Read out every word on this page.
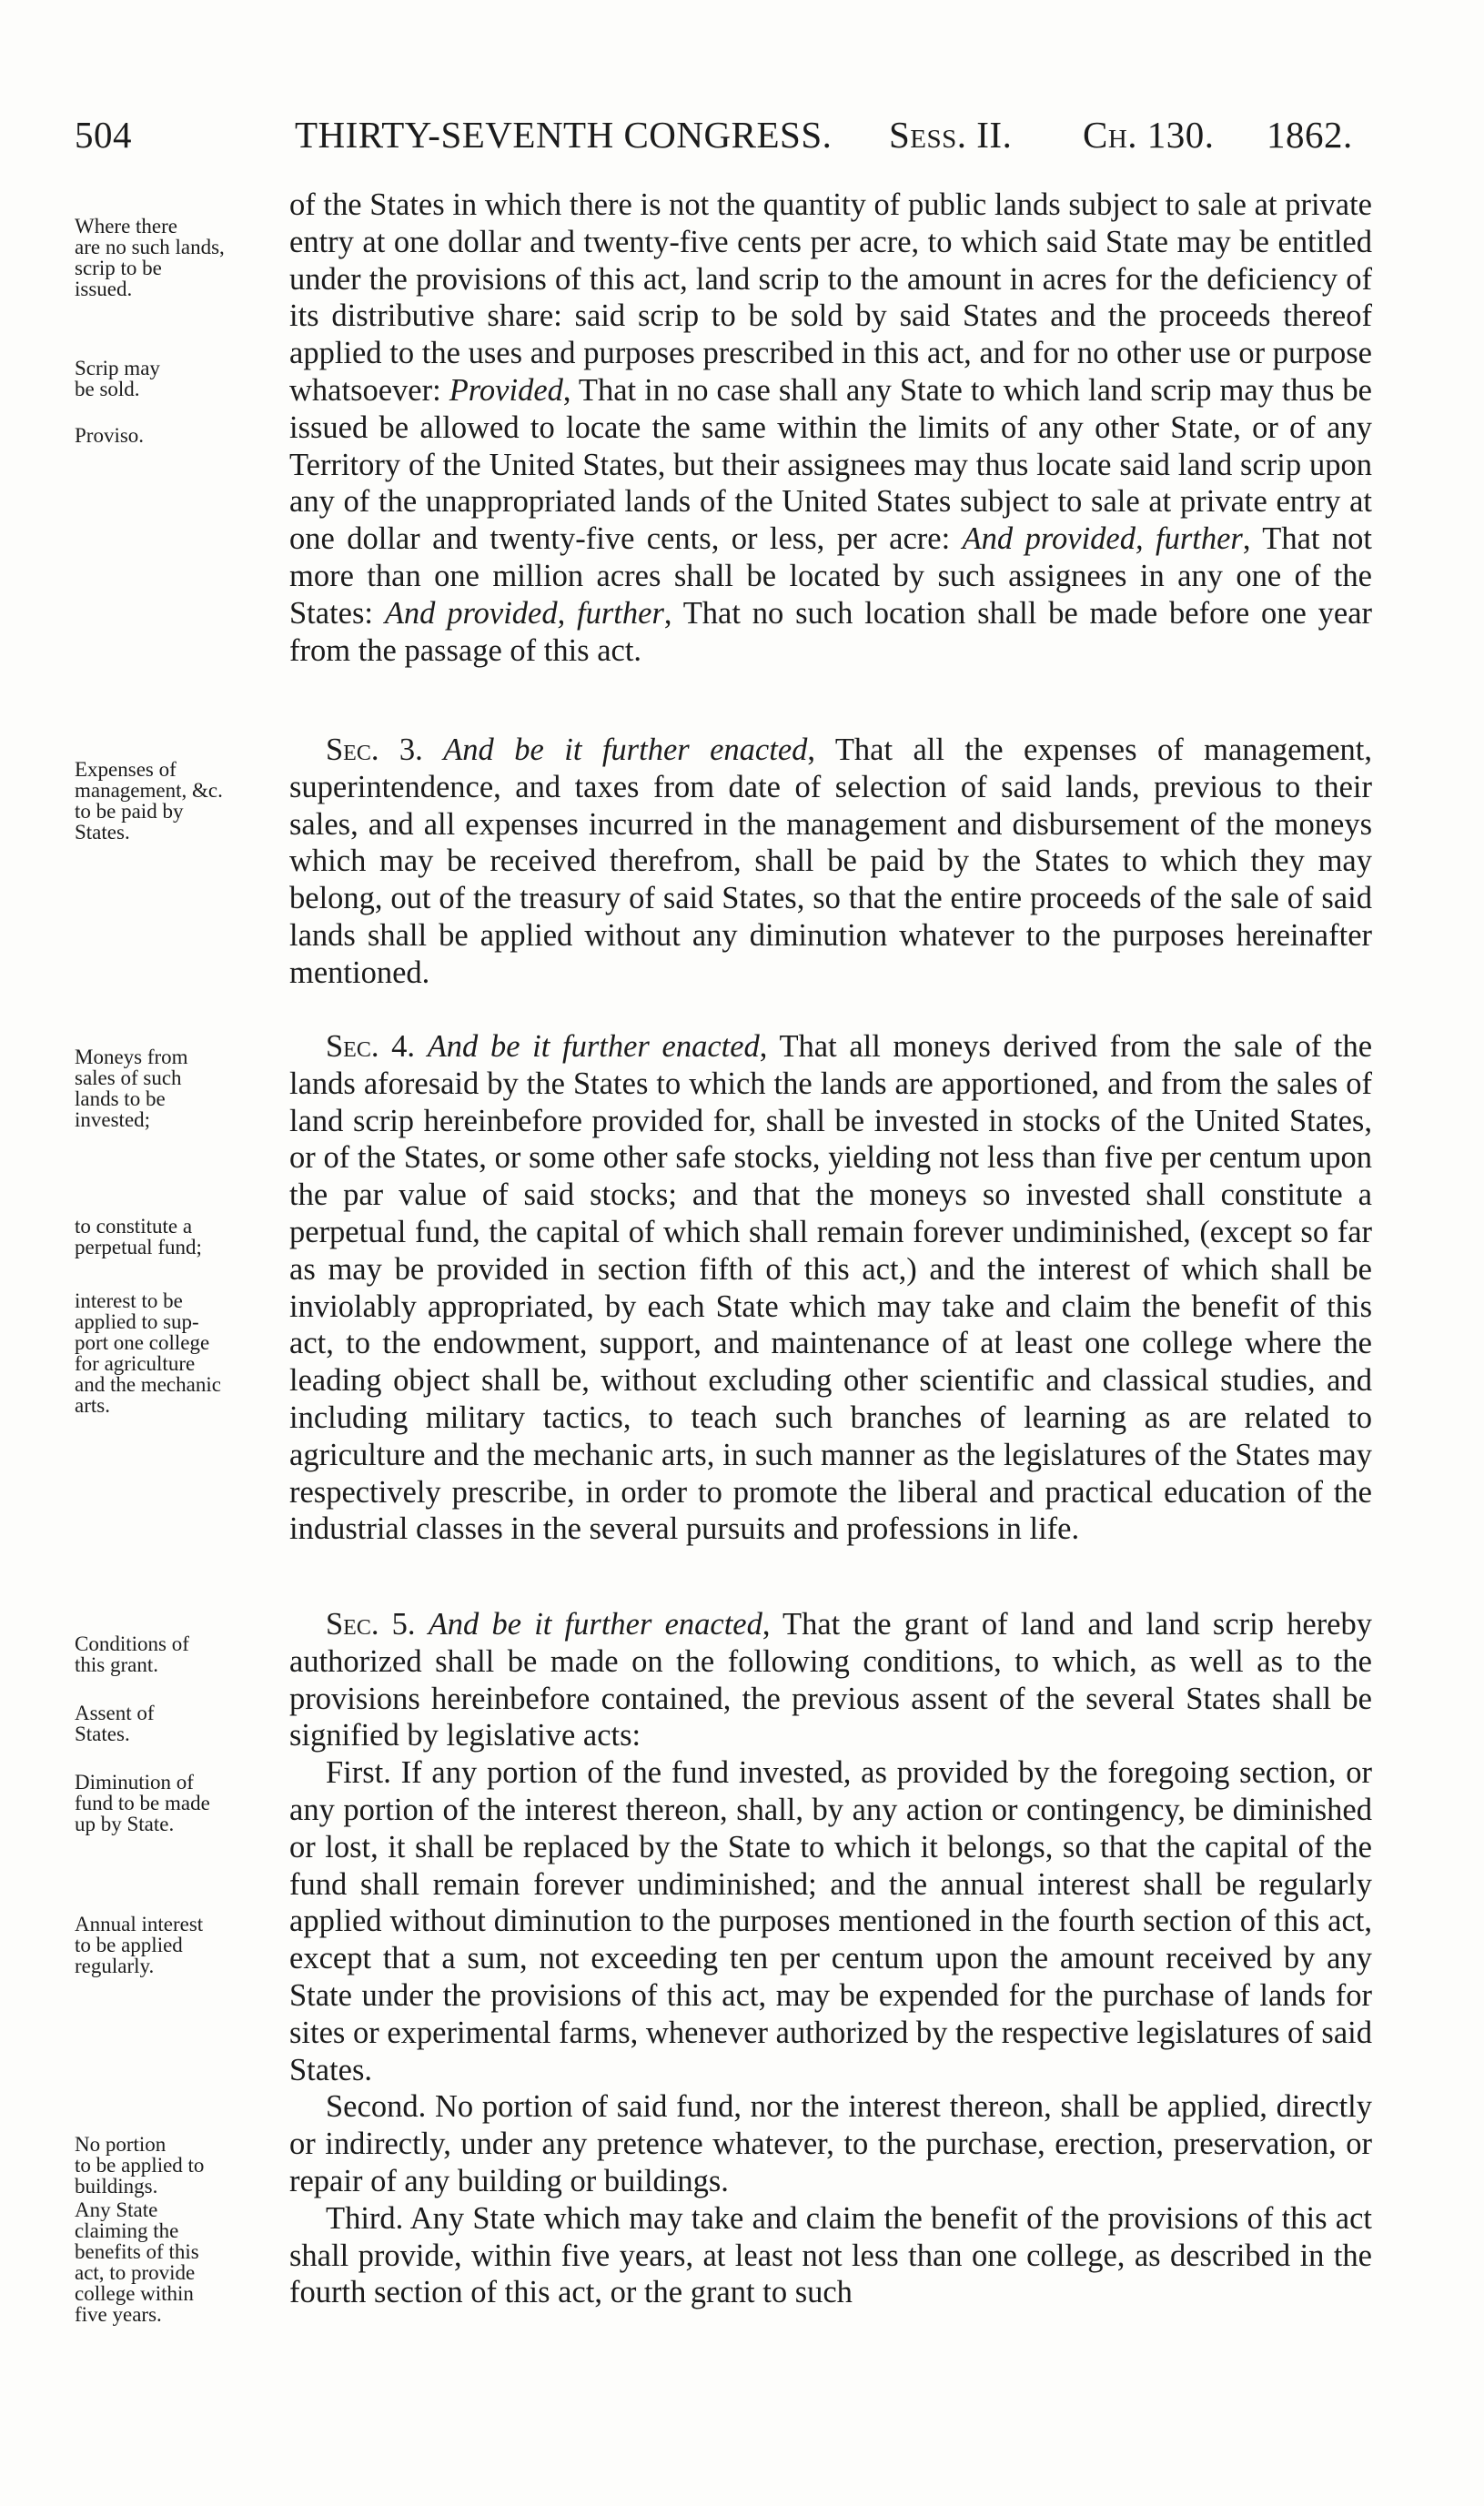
504	THIRTY-SEVENTH CONGRESS. Sess. II. Ch. 130. 1862.

of the States in which there is not the quantity of public lands subject to sale at private entry at one dollar and twenty-five cents per acre, to which said State may be entitled under the provisions of this act, land scrip to the amount in acres for the deficiency of its distributive share: said scrip to be sold by said States and the proceeds thereof applied to the uses and purposes prescribed in this act, and for no other use or purpose whatsoever: Provided, That in no case shall any State to which land scrip may thus be issued be allowed to locate the same within the limits of any other State, or of any Territory of the United States, but their assignees may thus locate said land scrip upon any of the unappropriated lands of the United States subject to sale at private entry at one dollar and twenty-five cents, or less, per acre: And provided, further, That not more than one million acres shall be located by such assignees in any one of the States: And provided, further, That no such location shall be made before one year from the passage of this act.

Where there
are no such lands,
scrip to be
issued.
Scrip may
be sold.
Proviso.

Sec. 3. And be it further enacted, That all the expenses of management, superintendence, and taxes from date of selection of said lands, previous to their sales, and all expenses incurred in the management and disbursement of the moneys which may be received therefrom, shall be paid by the States to which they may belong, out of the treasury of said States, so that the entire proceeds of the sale of said lands shall be applied without any diminution whatever to the purposes hereinafter mentioned.

Expenses of
management, &c.
to be paid by
States.

Sec. 4. And be it further enacted, That all moneys derived from the sale of the lands aforesaid by the States to which the lands are apportioned, and from the sales of land scrip hereinbefore provided for, shall be invested in stocks of the United States, or of the States, or some other safe stocks, yielding not less than five per centum upon the par value of said stocks; and that the moneys so invested shall constitute a perpetual fund, the capital of which shall remain forever undiminished, (except so far as may be provided in section fifth of this act,) and the interest of which shall be inviolably appropriated, by each State which may take and claim the benefit of this act, to the endowment, support, and maintenance of at least one college where the leading object shall be, without excluding other scientific and classical studies, and including military tactics, to teach such branches of learning as are related to agriculture and the mechanic arts, in such manner as the legislatures of the States may respectively prescribe, in order to promote the liberal and practical education of the industrial classes in the several pursuits and professions in life.

Moneys from
sales of such
lands to be
invested;
to constitute a
perpetual fund;
interest to be
applied to sup-
port one college
for agriculture
and the mechanic
arts.

Sec. 5. And be it further enacted, That the grant of land and land scrip hereby authorized shall be made on the following conditions, to which, as well as to the provisions hereinbefore contained, the previous assent of the several States shall be signified by legislative acts:

First. If any portion of the fund invested, as provided by the foregoing section, or any portion of the interest thereon, shall, by any action or contingency, be diminished or lost, it shall be replaced by the State to which it belongs, so that the capital of the fund shall remain forever undiminished; and the annual interest shall be regularly applied without diminution to the purposes mentioned in the fourth section of this act, except that a sum, not exceeding ten per centum upon the amount received by any State under the provisions of this act, may be expended for the purchase of lands for sites or experimental farms, whenever authorized by the respective legislatures of said States.

Second. No portion of said fund, nor the interest thereon, shall be applied, directly or indirectly, under any pretence whatever, to the purchase, erection, preservation, or repair of any building or buildings.

Third. Any State which may take and claim the benefit of the provisions of this act shall provide, within five years, at least not less than one college, as described in the fourth section of this act, or the grant to such

Conditions of
this grant.
Assent of
States.
Diminution of
fund to be made
up by State.
Annual interest
to be applied
regularly.
No portion
to be applied to
buildings.
Any State
claiming the
benefits of this
act, to provide
college within
five years.
